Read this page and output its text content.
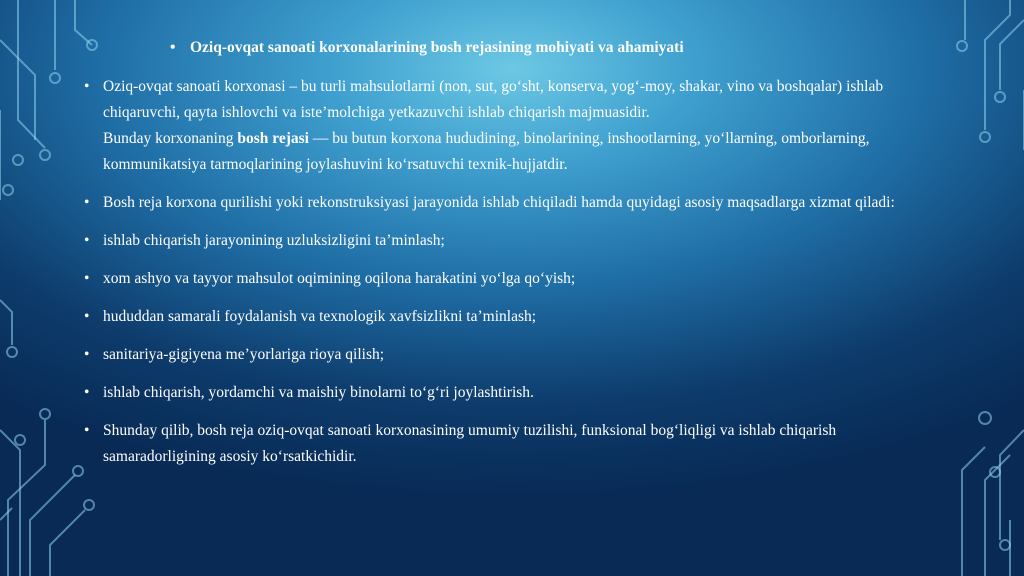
• Oziq-ovqat sanoati korxonalarining bosh rejasining mohiyati va ahamiyati
• Oziq-ovqat sanoati korxonasi – bu turli mahsulotlarni (non, sut, go‘sht, konserva, yog‘-moy, shakar, vino va boshqalar) ishlab chiqaruvchi, qayta ishlovchi va iste’molchiga yetkazuvchi ishlab chiqarish majmuasidir.
Bunday korxonaning bosh rejasi — bu butun korxona hududining, binolarining, inshootlarning, yo‘llarning, omborlarning, kommunikatsiya tarmoqlarining joylashuvini ko‘rsatuvchi texnik-hujjatdir.
• Bosh reja korxona qurilishi yoki rekonstruksiyasi jarayonida ishlab chiqiladi hamda quyidagi asosiy maqsadlarga xizmat qiladi:
• ishlab chiqarish jarayonining uzluksizligini ta’minlash;
• xom ashyo va tayyor mahsulot oqimining oqilona harakatini yo‘lga qo‘yish;
• hududdan samarali foydalanish va texnologik xavfsizlikni ta’minlash;
• sanitariya-gigiyena me’yorlariga rioya qilish;
• ishlab chiqarish, yordamchi va maishiy binolarni to‘g‘ri joylashtirish.
• Shunday qilib, bosh reja oziq-ovqat sanoati korxonasining umumiy tuzilishi, funksional bog‘liqligi va ishlab chiqarish samaradorligining asosiy ko‘rsatkichidir.
